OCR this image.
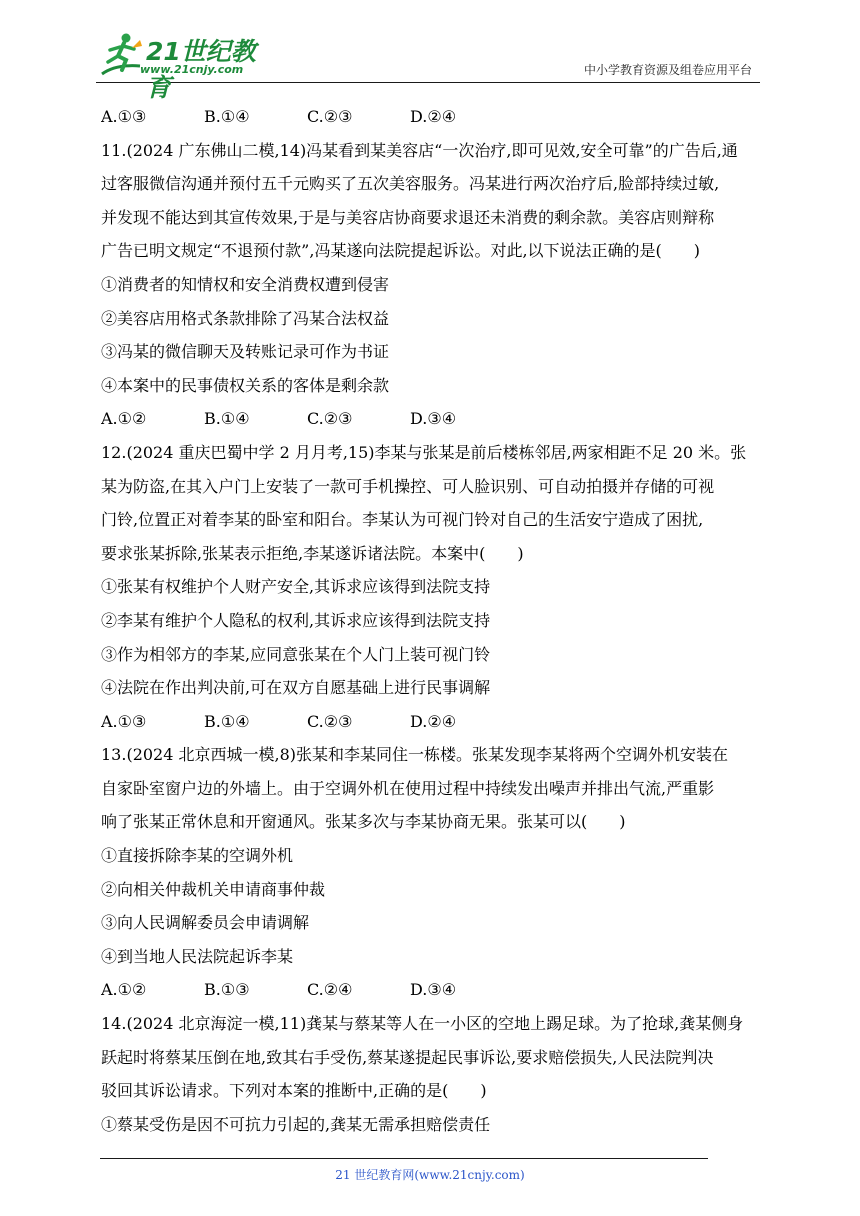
21世纪教育
www.21cnjy.com	中小学教育资源及组卷应用平台

A.①③	B.①④	C.②③	D.②④

11.(2024 广东佛山二模,14)冯某看到某美容店“一次治疗,即可见效,安全可靠”的广告后,通

过客服微信沟通并预付五千元购买了五次美容服务。冯某进行两次治疗后,脸部持续过敏,

并发现不能达到其宣传效果,于是与美容店协商要求退还未消费的剩余款。美容店则辩称

广告已明文规定“不退预付款”,冯某遂向法院提起诉讼。对此,以下说法正确的是(　　)

①消费者的知情权和安全消费权遭到侵害

②美容店用格式条款排除了冯某合法权益

③冯某的微信聊天及转账记录可作为书证

④本案中的民事债权关系的客体是剩余款

A.①②	B.①④	C.②③	D.③④

12.(2024 重庆巴蜀中学 2 月月考,15)李某与张某是前后楼栋邻居,两家相距不足 20 米。张

某为防盗,在其入户门上安装了一款可手机操控、可人脸识别、可自动拍摄并存储的可视

门铃,位置正对着李某的卧室和阳台。李某认为可视门铃对自己的生活安宁造成了困扰,

要求张某拆除,张某表示拒绝,李某遂诉诸法院。本案中(　　)

①张某有权维护个人财产安全,其诉求应该得到法院支持

②李某有维护个人隐私的权利,其诉求应该得到法院支持

③作为相邻方的李某,应同意张某在个人门上装可视门铃

④法院在作出判决前,可在双方自愿基础上进行民事调解

A.①③	B.①④	C.②③	D.②④

13.(2024 北京西城一模,8)张某和李某同住一栋楼。张某发现李某将两个空调外机安装在

自家卧室窗户边的外墙上。由于空调外机在使用过程中持续发出噪声并排出气流,严重影

响了张某正常休息和开窗通风。张某多次与李某协商无果。张某可以(　　)

①直接拆除李某的空调外机

②向相关仲裁机关申请商事仲裁

③向人民调解委员会申请调解

④到当地人民法院起诉李某

A.①②	B.①③	C.②④	D.③④

14.(2024 北京海淀一模,11)龚某与蔡某等人在一小区的空地上踢足球。为了抢球,龚某侧身

跃起时将蔡某压倒在地,致其右手受伤,蔡某遂提起民事诉讼,要求赔偿损失,人民法院判决

驳回其诉讼请求。下列对本案的推断中,正确的是(　　)

①蔡某受伤是因不可抗力引起的,龚某无需承担赔偿责任

21 世纪教育网(www.21cnjy.com)
